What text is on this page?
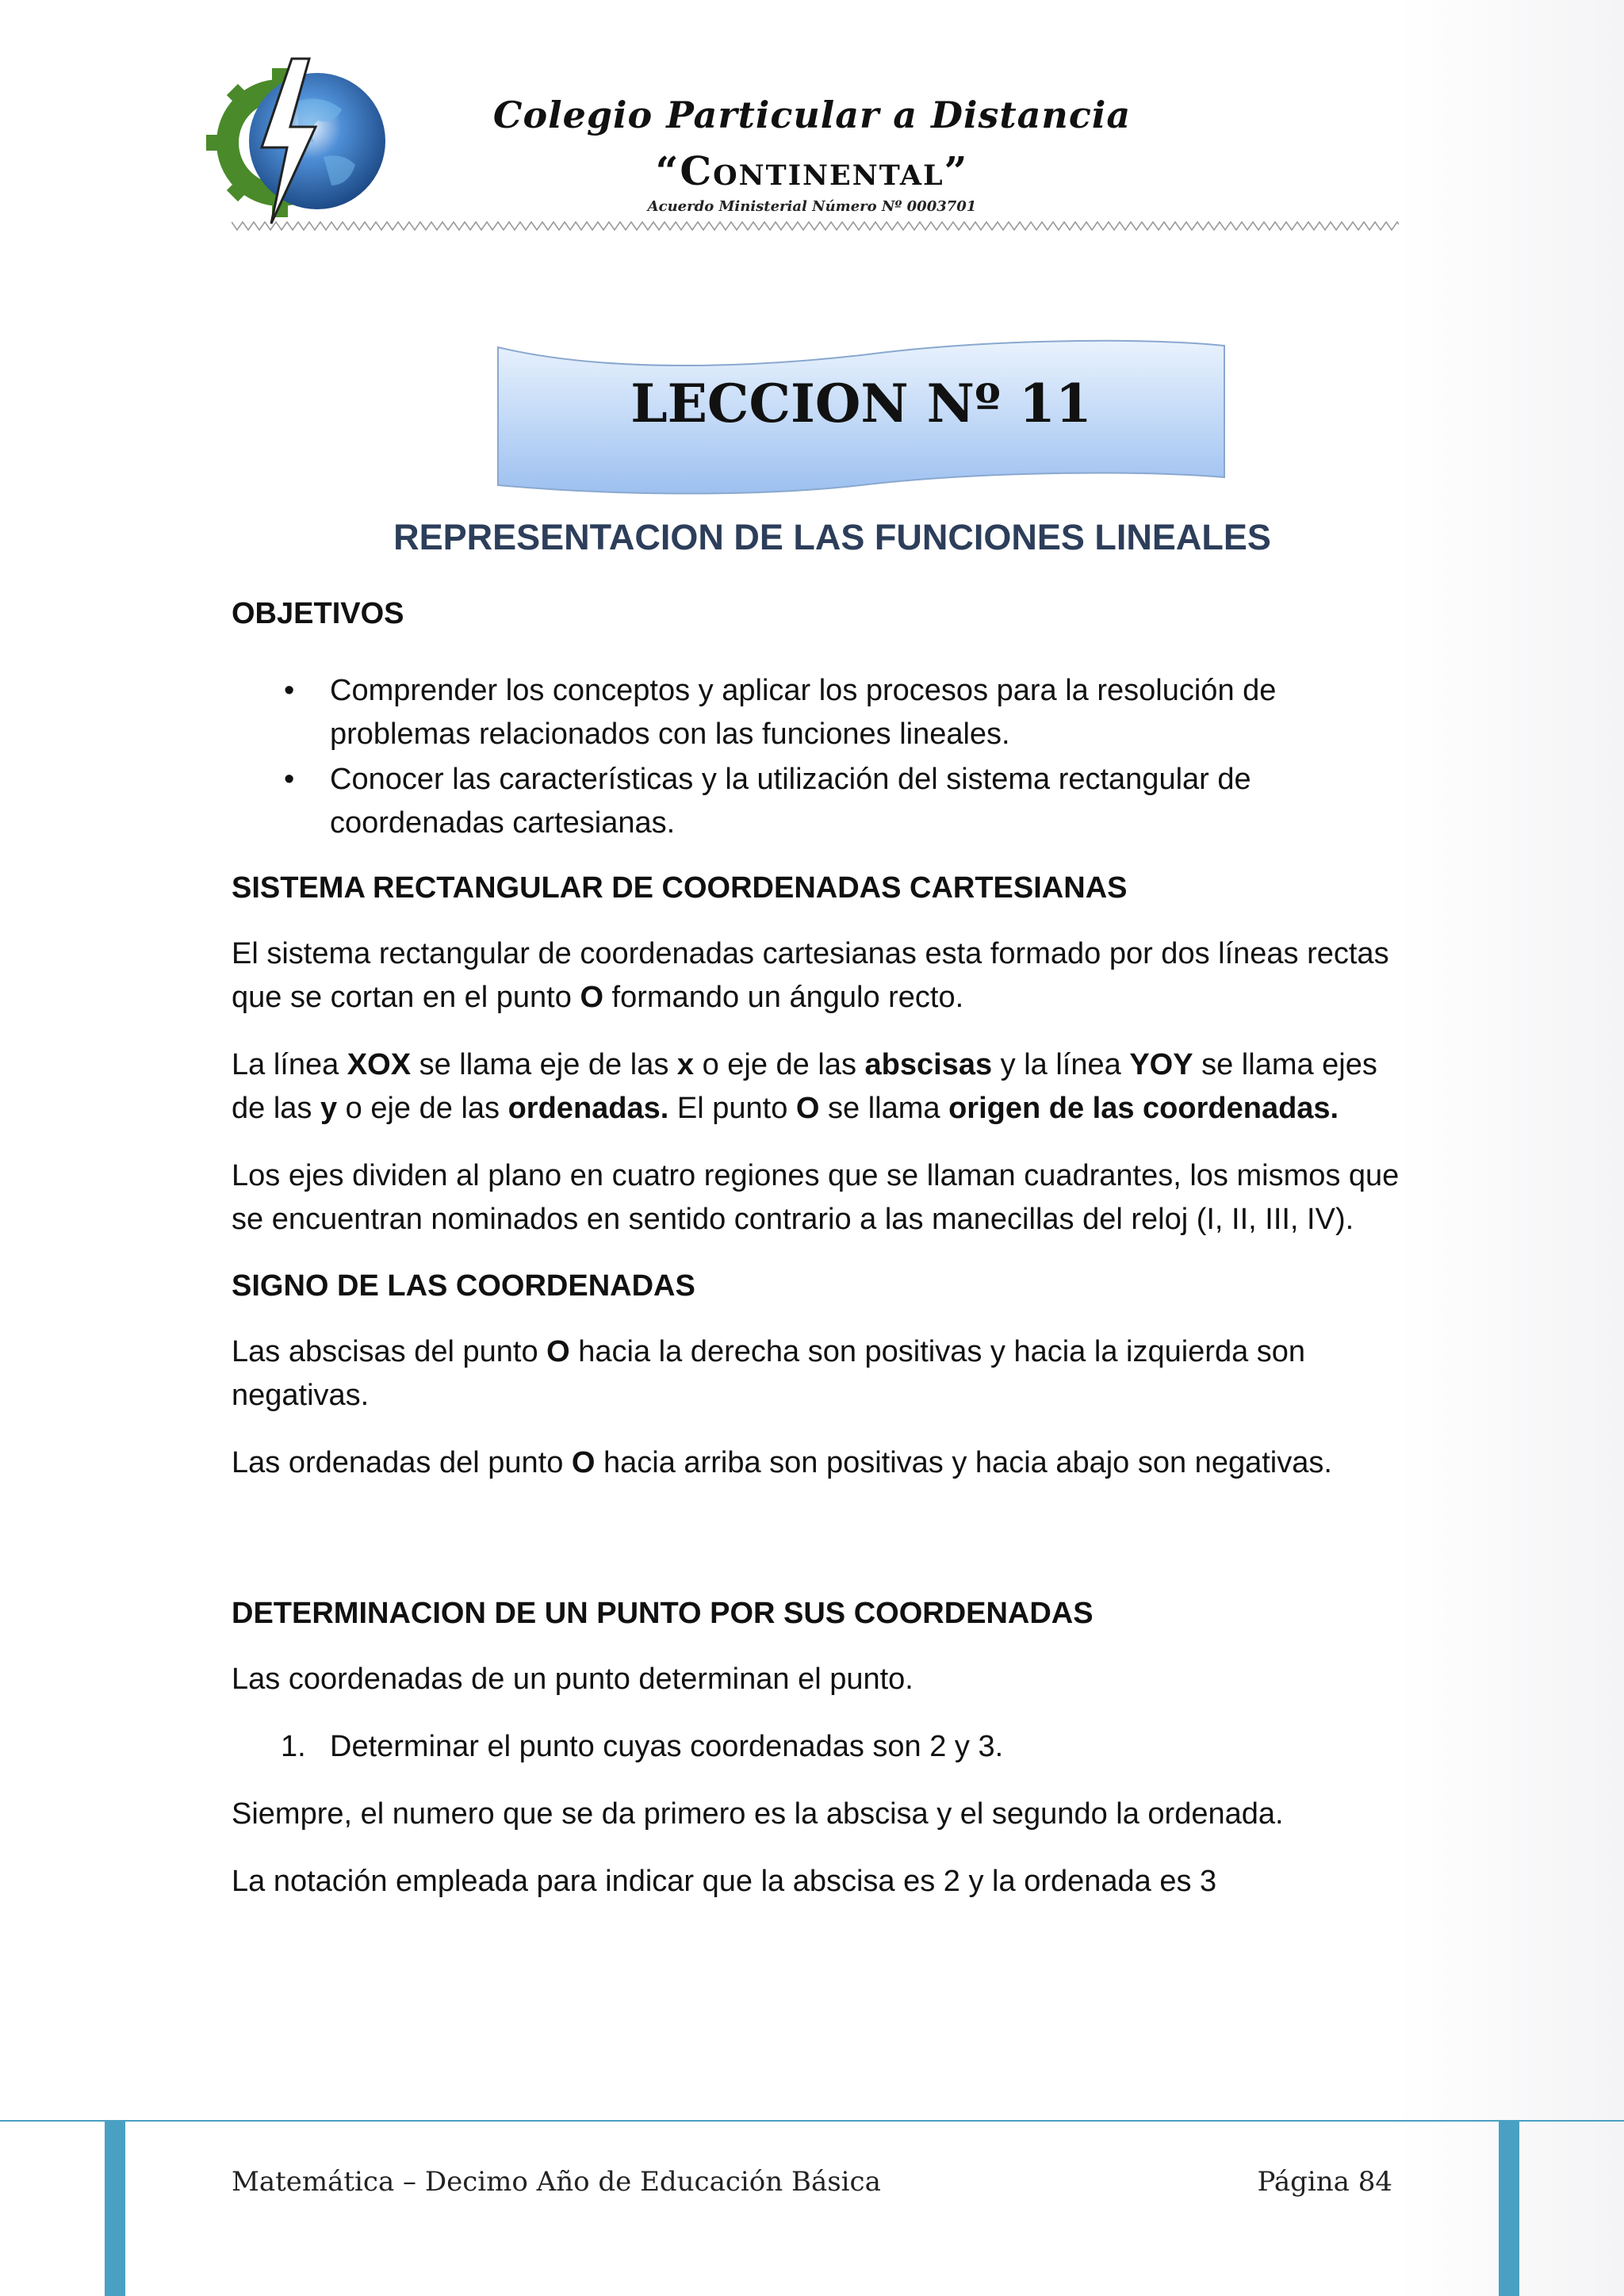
Colegio Particular a Distancia
“Continental”
Acuerdo Ministerial Número Nº 0003701
LECCION Nº 11
REPRESENTACION DE LAS FUNCIONES LINEALES
OBJETIVOS
• Comprender los conceptos y aplicar los procesos para la resolución de problemas relacionados con las funciones lineales.
• Conocer las características y la utilización del sistema rectangular de coordenadas cartesianas.
SISTEMA RECTANGULAR DE COORDENADAS CARTESIANAS

El sistema rectangular de coordenadas cartesianas esta formado por dos líneas rectas que se cortan en el punto O formando un ángulo recto.

La línea XOX se llama eje de las x o eje de las abscisas y la línea YOY se llama ejes de las y o eje de las ordenadas. El punto O se llama origen de las coordenadas.

Los ejes dividen al plano en cuatro regiones que se llaman cuadrantes, los mismos que se encuentran nominados en sentido contrario a las manecillas del reloj (I, II, III, IV).

SIGNO DE LAS COORDENADAS

Las abscisas del punto O hacia la derecha son positivas y hacia la izquierda son negativas.

Las ordenadas del punto O hacia arriba son positivas y hacia abajo son negativas.

DETERMINACION DE UN PUNTO POR SUS COORDENADAS

Las coordenadas de un punto determinan el punto.

1. Determinar el punto cuyas coordenadas son 2 y 3.

Siempre, el numero que se da primero es la abscisa y el segundo la ordenada.

La notación empleada para indicar que la abscisa es 2 y la ordenada es 3

Matemática – Decimo Año de Educación Básica	Página 84
